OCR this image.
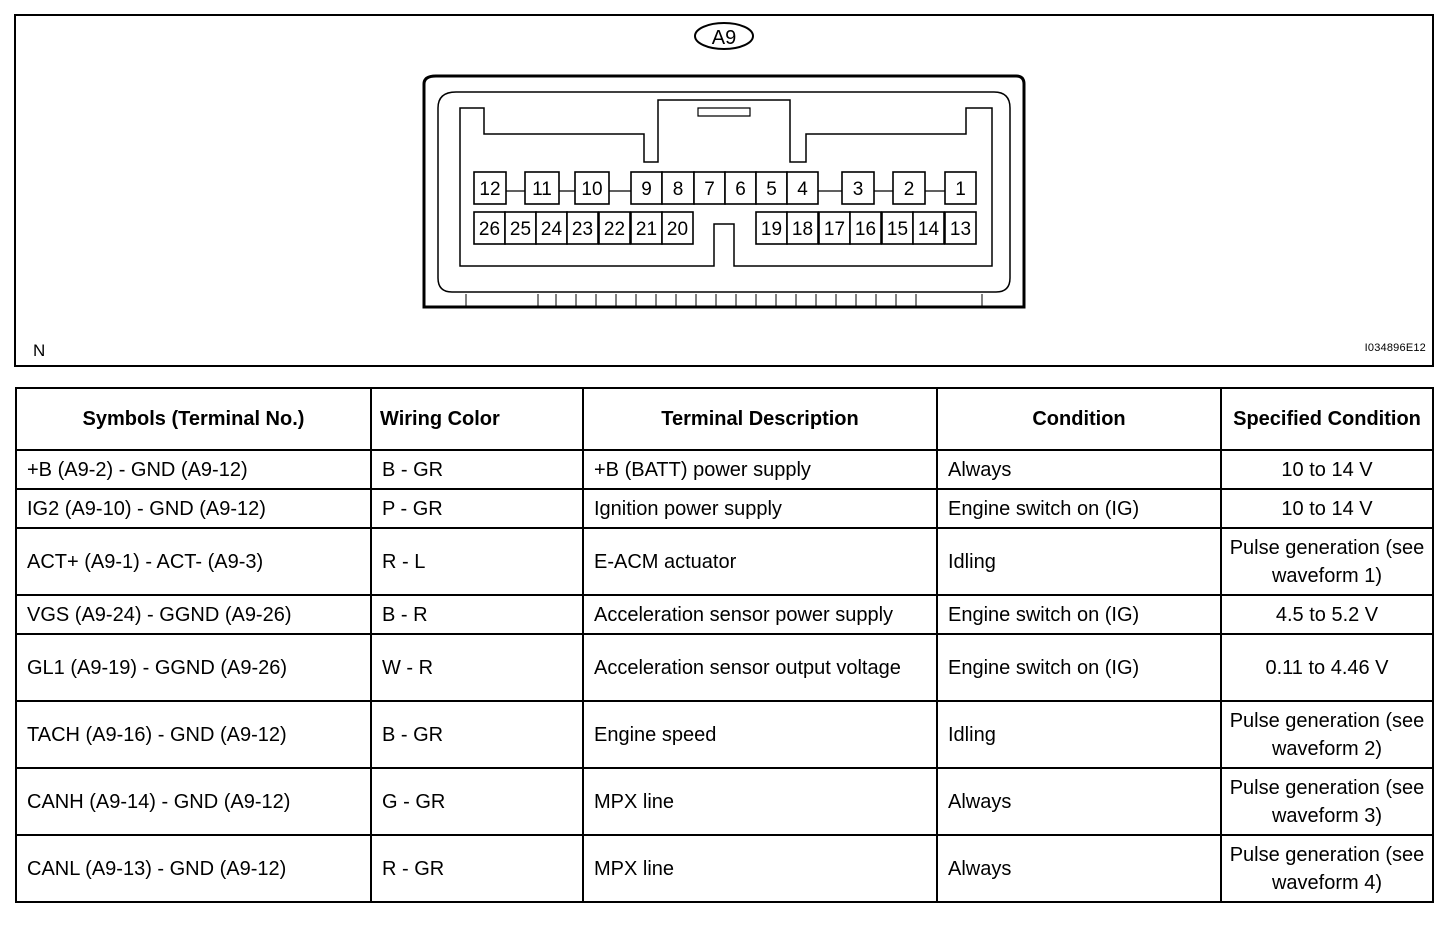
A9
12 11 10 9 8 7 6 5 4 3 2 1
26 25 24 23 22 21 20	19 18 17 16 15 14 13
N	I034896E12
Symbols (Terminal No.)	Wiring Color	Terminal Description	Condition	Specified Condition
+B (A9-2) - GND (A9-12)	B - GR	+B (BATT) power supply	Always	10 to 14 V
IG2 (A9-10) - GND (A9-12)	P - GR	Ignition power supply	Engine switch on (IG)	10 to 14 V
ACT+ (A9-1) - ACT- (A9-3)	R - L	E-ACM actuator	Idling	Pulse generation (see waveform 1)
VGS (A9-24) - GGND (A9-26)	B - R	Acceleration sensor power supply	Engine switch on (IG)	4.5 to 5.2 V
GL1 (A9-19) - GGND (A9-26)	W - R	Acceleration sensor output voltage	Engine switch on (IG)	0.11 to 4.46 V
TACH (A9-16) - GND (A9-12)	B - GR	Engine speed	Idling	Pulse generation (see waveform 2)
CANH (A9-14) - GND (A9-12)	G - GR	MPX line	Always	Pulse generation (see waveform 3)
CANL (A9-13) - GND (A9-12)	R - GR	MPX line	Always	Pulse generation (see waveform 4)
